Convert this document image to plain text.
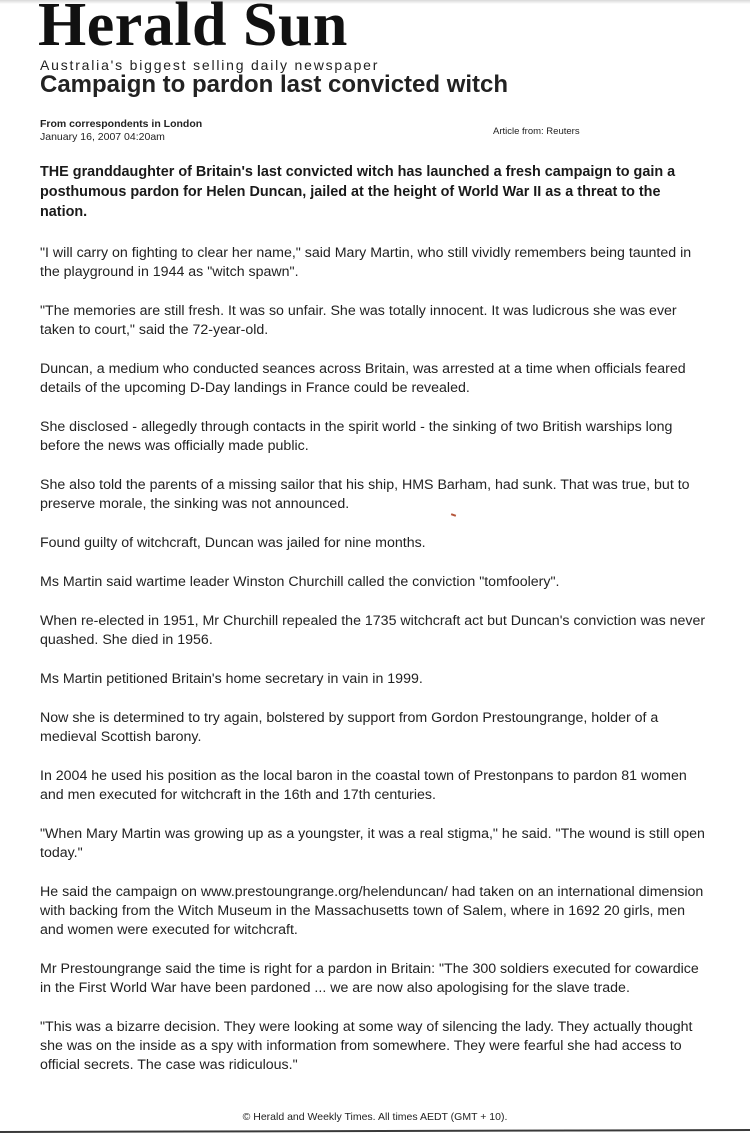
Herald Sun
Australia's biggest selling daily newspaper
Campaign to pardon last convicted witch
From correspondents in London
January 16, 2007 04:20am	Article from: Reuters

THE granddaughter of Britain's last convicted witch has launched a fresh campaign to gain a posthumous pardon for Helen Duncan, jailed at the height of World War II as a threat to the nation.

"I will carry on fighting to clear her name," said Mary Martin, who still vividly remembers being taunted in the playground in 1944 as "witch spawn".

"The memories are still fresh. It was so unfair. She was totally innocent. It was ludicrous she was ever taken to court," said the 72-year-old.

Duncan, a medium who conducted seances across Britain, was arrested at a time when officials feared details of the upcoming D-Day landings in France could be revealed.

She disclosed - allegedly through contacts in the spirit world - the sinking of two British warships long before the news was officially made public.

She also told the parents of a missing sailor that his ship, HMS Barham, had sunk. That was true, but to preserve morale, the sinking was not announced.

Found guilty of witchcraft, Duncan was jailed for nine months.

Ms Martin said wartime leader Winston Churchill called the conviction "tomfoolery".

When re-elected in 1951, Mr Churchill repealed the 1735 witchcraft act but Duncan's conviction was never quashed. She died in 1956.

Ms Martin petitioned Britain's home secretary in vain in 1999.

Now she is determined to try again, bolstered by support from Gordon Prestoungrange, holder of a medieval Scottish barony.

In 2004 he used his position as the local baron in the coastal town of Prestonpans to pardon 81 women and men executed for witchcraft in the 16th and 17th centuries.

"When Mary Martin was growing up as a youngster, it was a real stigma," he said. "The wound is still open today."

He said the campaign on www.prestoungrange.org/helenduncan/ had taken on an international dimension with backing from the Witch Museum in the Massachusetts town of Salem, where in 1692 20 girls, men and women were executed for witchcraft.

Mr Prestoungrange said the time is right for a pardon in Britain: "The 300 soldiers executed for cowardice in the First World War have been pardoned ... we are now also apologising for the slave trade.

"This was a bizarre decision. They were looking at some way of silencing the lady. They actually thought she was on the inside as a spy with information from somewhere. They were fearful she had access to official secrets. The case was ridiculous."

© Herald and Weekly Times. All times AEDT (GMT + 10).
